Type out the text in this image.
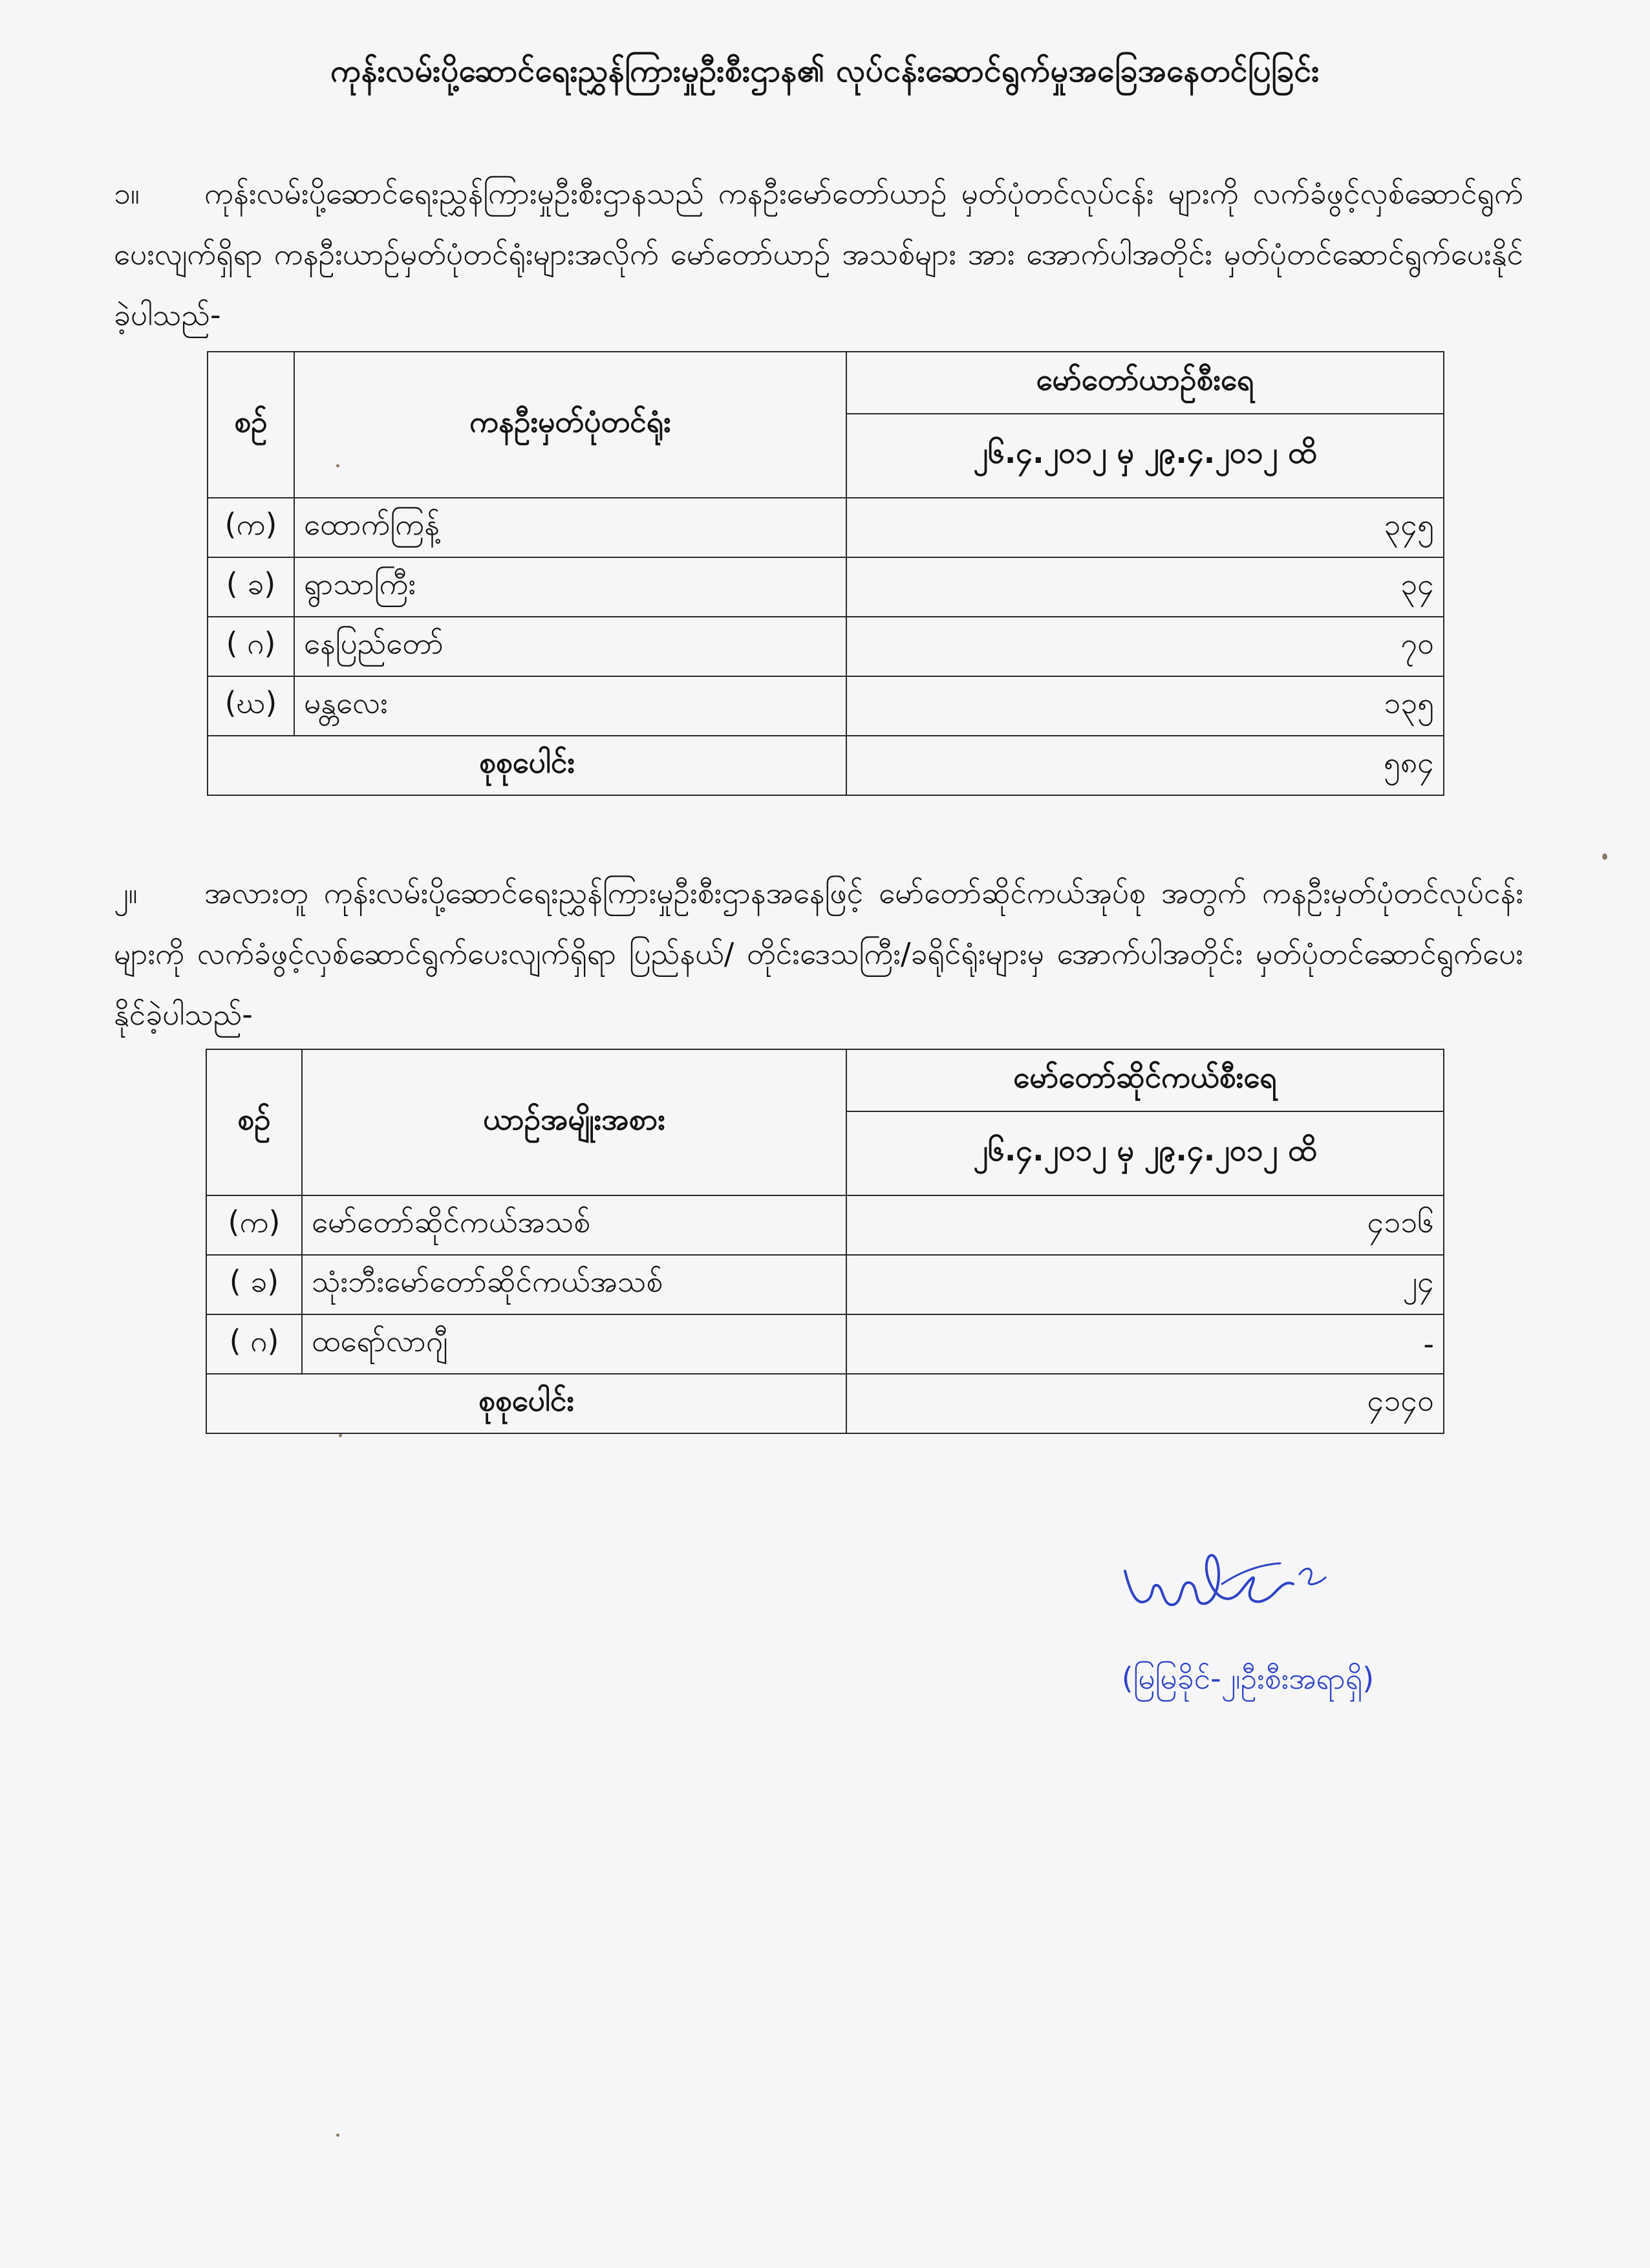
ကုန်းလမ်းပို့ဆောင်ရေးညွှန်ကြားမှုဦးစီးဌာန၏ လုပ်ငန်းဆောင်ရွက်မှုအခြေအနေတင်ပြခြင်း
၁။ ကုန်းလမ်းပို့ဆောင်ရေးညွှန်ကြားမှုဦးစီးဌာနသည် ကနဦးမော်တော်ယာဉ် မှတ်ပုံတင်လုပ်ငန်း များကို လက်ခံဖွင့်လှစ်ဆောင်ရွက်ပေးလျက်ရှိရာ ကနဦးယာဉ်မှတ်ပုံတင်ရုံးများအလိုက် မော်တော်ယာဉ် အသစ်များ အား အောက်ပါအတိုင်း မှတ်ပုံတင်ဆောင်ရွက်ပေးနိုင်ခဲ့ပါသည်-
စဉ်	ကနဦးမှတ်ပုံတင်ရုံး	မော်တော်ယာဉ်စီးရေ
		၂၆.၄.၂၀၁၂ မှ ၂၉.၄.၂၀၁၂ ထိ
(က)	ထောက်ကြန့်	၃၄၅
( ခ)	ရွာသာကြီး	၃၄
( ဂ)	နေပြည်တော်	၇၀
(ဃ)	မန္တလေး	၁၃၅
စုစုပေါင်း		၅၈၄
၂။ အလားတူ ကုန်းလမ်းပို့ဆောင်ရေးညွှန်ကြားမှုဦးစီးဌာနအနေဖြင့် မော်တော်ဆိုင်ကယ်အုပ်စု အတွက် ကနဦးမှတ်ပုံတင်လုပ်ငန်းများကို လက်ခံဖွင့်လှစ်ဆောင်ရွက်ပေးလျက်ရှိရာ ပြည်နယ်/ တိုင်းဒေသကြီး/ခရိုင်ရုံးများမှ အောက်ပါအတိုင်း မှတ်ပုံတင်ဆောင်ရွက်ပေးနိုင်ခဲ့ပါသည်-
စဉ်	ယာဉ်အမျိုးအစား	မော်တော်ဆိုင်ကယ်စီးရေ
		၂၆.၄.၂၀၁၂ မှ ၂၉.၄.၂၀၁၂ ထိ
(က)	မော်တော်ဆိုင်ကယ်အသစ်	၄၁၁၆
( ခ)	သုံးဘီးမော်တော်ဆိုင်ကယ်အသစ်	၂၄
( ဂ)	ထရော်လာဂျီ	-
စုစုပေါင်း		၄၁၄၀
(မြမြခိုင်-၂၊ဦးစီးအရာရှိ)
